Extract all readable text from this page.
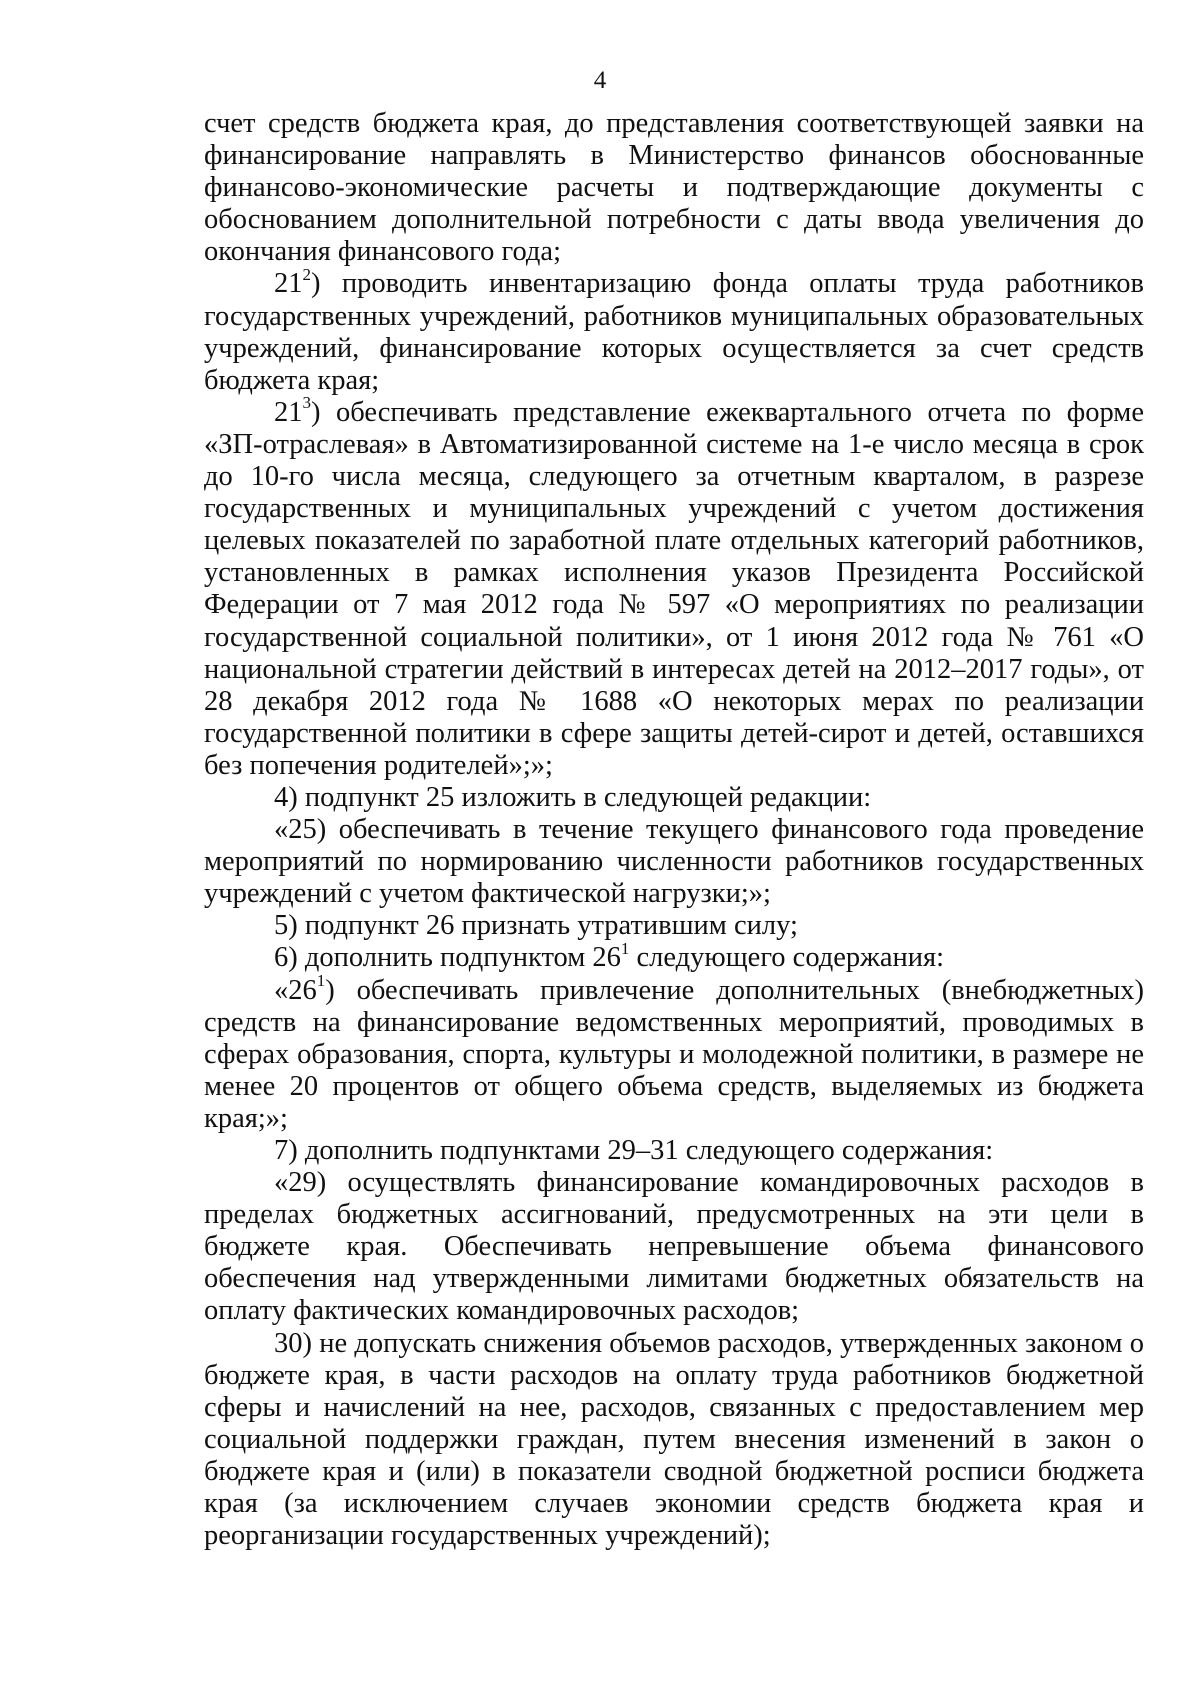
4

счет средств бюджета края, до представления соответствующей заявки на финансирование направлять в Министерство финансов обоснованные финансово-экономические расчеты и подтверждающие документы с обоснованием дополнительной потребности с даты ввода увеличения до окончания финансового года;

$21^2$) проводить инвентаризацию фонда оплаты труда работников государственных учреждений, работников муниципальных образовательных учреждений, финансирование которых осуществляется за счет средств бюджета края;

$21^3$) обеспечивать представление ежеквартального отчета по форме «ЗП-отраслевая» в Автоматизированной системе на 1-е число месяца в срок до 10-го числа месяца, следующего за отчетным кварталом, в разрезе государственных и муниципальных учреждений с учетом достижения целевых показателей по заработной плате отдельных категорий работников, установленных в рамках исполнения указов Президента Российской Федерации от 7 мая 2012 года № 597 «О мероприятиях по реализации государственной социальной политики», от 1 июня 2012 года № 761 «О национальной стратегии действий в интересах детей на 2012–2017 годы», от 28 декабря 2012 года № 1688 «О некоторых мерах по реализации государственной политики в сфере защиты детей-сирот и детей, оставшихся без попечения родителей»;»;

4) подпункт 25 изложить в следующей редакции:

«25) обеспечивать в течение текущего финансового года проведение мероприятий по нормированию численности работников государственных учреждений с учетом фактической нагрузки;»;

5) подпункт 26 признать утратившим силу;

6) дополнить подпунктом $26^1$ следующего содержания:

«$26^1$) обеспечивать привлечение дополнительных (внебюджетных) средств на финансирование ведомственных мероприятий, проводимых в сферах образования, спорта, культуры и молодежной политики, в размере не менее 20 процентов от общего объема средств, выделяемых из бюджета края;»;

7) дополнить подпунктами 29–31 следующего содержания:

«29) осуществлять финансирование командировочных расходов в пределах бюджетных ассигнований, предусмотренных на эти цели в бюджете края. Обеспечивать непревышение объема финансового обеспечения над утвержденными лимитами бюджетных обязательств на оплату фактических командировочных расходов;

30) не допускать снижения объемов расходов, утвержденных законом о бюджете края, в части расходов на оплату труда работников бюджетной сферы и начислений на нее, расходов, связанных с предоставлением мер социальной поддержки граждан, путем внесения изменений в закон о бюджете края и (или) в показатели сводной бюджетной росписи бюджета края (за исключением случаев экономии средств бюджета края и реорганизации государственных учреждений);
